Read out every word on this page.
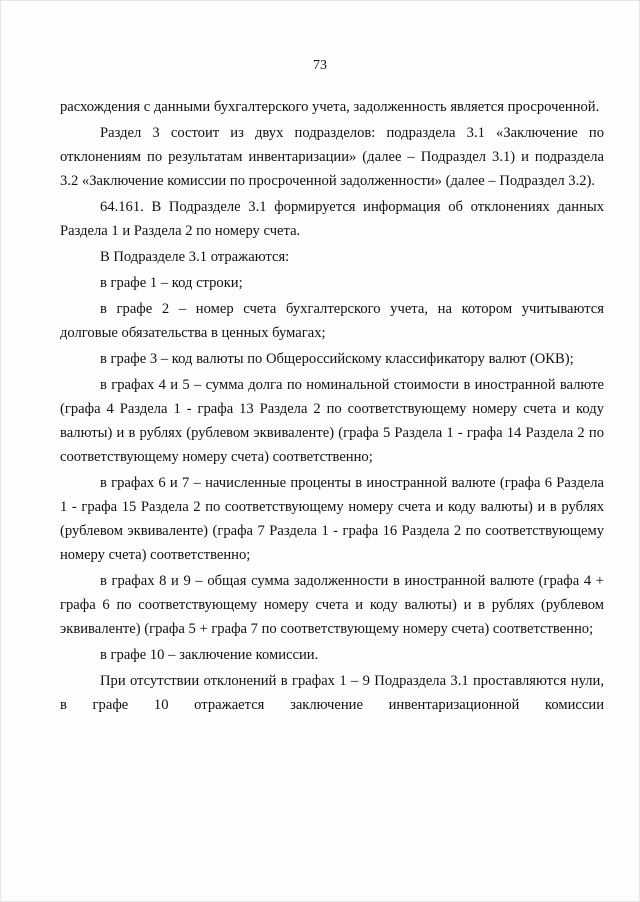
73

расхождения с данными бухгалтерского учета, задолженность является просроченной.

Раздел 3 состоит из двух подразделов: подраздела 3.1 «Заключение по отклонениям по результатам инвентаризации» (далее – Подраздел 3.1) и подраздела 3.2 «Заключение комиссии по просроченной задолженности» (далее – Подраздел 3.2).

64.161. В Подразделе 3.1 формируется информация об отклонениях данных Раздела 1 и Раздела 2 по номеру счета.

В Подразделе 3.1 отражаются:

в графе 1 – код строки;

в графе 2 – номер счета бухгалтерского учета, на котором учитываются долговые обязательства в ценных бумагах;

в графе 3 – код валюты по Общероссийскому классификатору валют (ОКВ);

в графах 4 и 5 – сумма долга по номинальной стоимости в иностранной валюте (графа 4 Раздела 1 - графа 13 Раздела 2 по соответствующему номеру счета и коду валюты) и в рублях (рублевом эквиваленте) (графа 5 Раздела 1 - графа 14 Раздела 2 по соответствующему номеру счета) соответственно;

в графах 6 и 7 – начисленные проценты в иностранной валюте (графа 6 Раздела 1 - графа 15 Раздела 2 по соответствующему номеру счета и коду валюты) и в рублях (рублевом эквиваленте) (графа 7 Раздела 1 - графа 16 Раздела 2 по соответствующему номеру счета) соответственно;

в графах 8 и 9 – общая сумма задолженности в иностранной валюте (графа 4 + графа 6 по соответствующему номеру счета и коду валюты) и в рублях (рублевом эквиваленте) (графа 5 + графа 7 по соответствующему номеру счета) соответственно;

в графе 10 – заключение комиссии.

При отсутствии отклонений в графах 1 – 9 Подраздела 3.1 проставляются нули, в графе 10 отражается заключение инвентаризационной комиссии
